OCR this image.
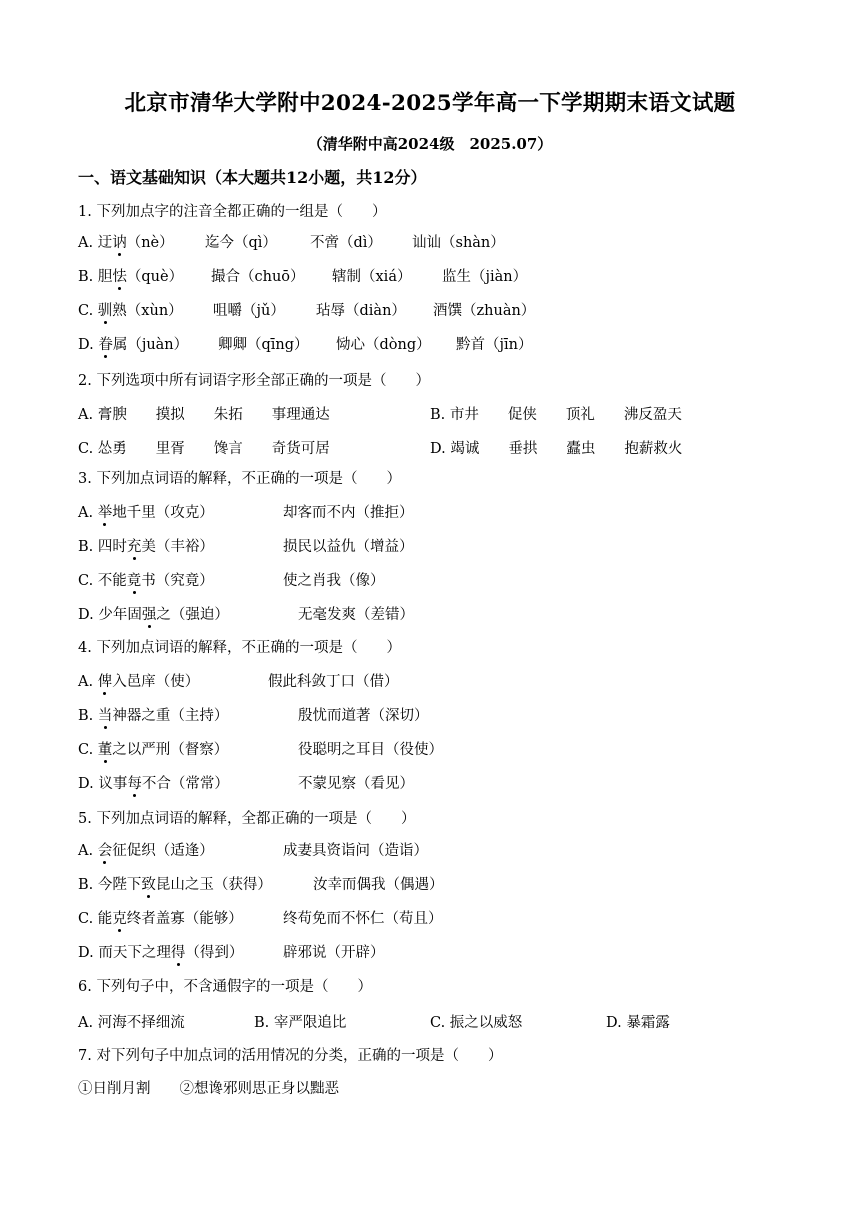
北京市清华大学附中2024-2025学年高一下学期期末语文试题
（清华附中高2024级　2025.07）
一、语文基础知识（本大题共12小题，共12分）
1. 下列加点字的注音全都正确的一组是（　　）
A. 迂讷（nè） 迄今（qì） 不啻（dì） 讪讪（shàn）
B. 胆怯（què） 撮合（chuō） 辖制（xiá） 监生（jiàn）
C. 驯熟（xùn） 咀嚼（jǔ） 玷辱（diàn） 酒馔（zhuàn）
D. 眷属（juàn） 卿卿（qīng） 恸心（dòng） 黔首（jīn）
2. 下列选项中所有词语字形全部正确的一项是（　　）
A. 膏腴　　摸拟　　朱拓　　事理通达	B. 市井　　促侠　　顶礼　　沸反盈天
C. 怂勇　　里胥　　馋言　　奇货可居	D. 竭诚　　垂拱　　蠹虫　　抱薪救火
3. 下列加点词语的解释，不正确的一项是（　　）
A. 举地千里（攻克）	却客而不内（推拒）
B. 四时充美（丰裕）	损民以益仇（增益）
C. 不能竟书（究竟）	使之肖我（像）
D. 少年固强之（强迫）	无毫发爽（差错）
4. 下列加点词语的解释，不正确的一项是（　　）
A. 俾入邑庠（使）	假此科敛丁口（借）
B. 当神器之重（主持）	殷忧而道著（深切）
C. 董之以严刑（督察）	役聪明之耳目（役使）
D. 议事每不合（常常）	不蒙见察（看见）
5. 下列加点词语的解释，全都正确的一项是（　　）
A. 会征促织（适逢）	成妻具资诣问（造诣）
B. 今陛下致昆山之玉（获得）	汝幸而偶我（偶遇）
C. 能克终者盖寡（能够）	终苟免而不怀仁（苟且）
D. 而天下之理得（得到）	辟邪说（开辟）
6. 下列句子中，不含通假字的一项是（　　）
A. 河海不择细流	B. 宰严限追比	C. 振之以威怒	D. 暴霜露
7. 对下列句子中加点词的活用情况的分类，正确的一项是（　　）
①日削月割　　②想谗邪则思正身以黜恶
